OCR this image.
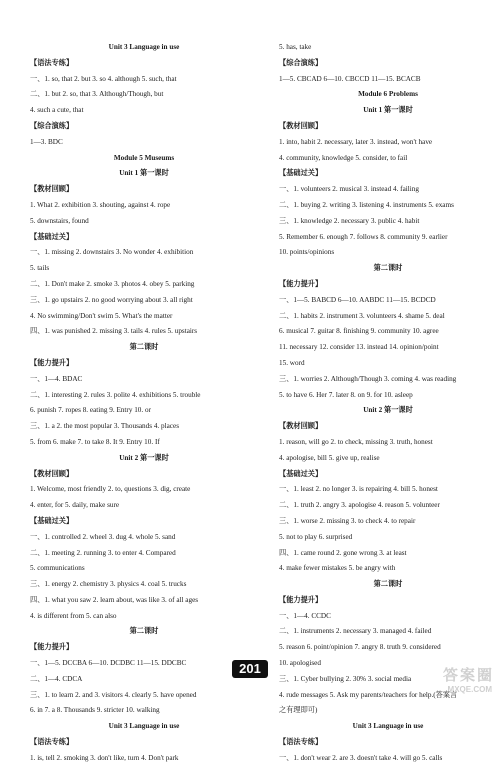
Unit 3 Language in use
【语法专练】
一、1. so, that 2. but 3. so 4. although 5. such, that
二、1. but 2. so, that 3. Although/Though, but
4. such a cute, that
【综合演练】
1—3. BDC
Module 5 Museums
Unit 1 第一课时
【教材回顾】
1. What 2. exhibition 3. shouting, against 4. rope
5. downstairs, found
【基础过关】
一、1. missing 2. downstairs 3. No wonder 4. exhibition
5. tails
二、1. Don't make 2. smoke 3. photos 4. obey 5. parking
三、1. go upstairs 2. no good worrying about 3. all right
4. No swimming/Don't swim 5. What's the matter
四、1. was punished 2. missing 3. tails 4. rules 5. upstairs
第二课时
【能力提升】
一、1—4. BDAC
二、1. interesting 2. rules 3. polite 4. exhibitions 5. trouble
6. punish 7. ropes 8. eating 9. Entry 10. or
三、1. a 2. the most popular 3. Thousands 4. places
5. from 6. make 7. to take 8. It 9. Entry 10. If
Unit 2 第一课时
【教材回顾】
1. Welcome, most friendly 2. to, questions 3. dig, create
4. enter, for 5. daily, make sure
【基础过关】
一、1. controlled 2. wheel 3. dug 4. whole 5. sand
二、1. meeting 2. running 3. to enter 4. Compared
5. communications
三、1. energy 2. chemistry 3. physics 4. coal 5. trucks
四、1. what you saw 2. learn about, was like 3. of all ages
4. is different from 5. can also
第二课时
【能力提升】
一、1—5. DCCBA 6—10. DCDBC 11—15. DDCBC
二、1—4. CDCA
三、1. to learn 2. and 3. visitors 4. clearly 5. have opened
6. in 7. a 8. Thousands 9. stricter 10. walking
Unit 3 Language in use
【语法专练】
1. is, tell 2. smoking 3. don't like, turn 4. Don't park
5. has, take
【综合演练】
1—5. CBCAD 6—10. CBCCD 11—15. BCACB
Module 6 Problems
Unit 1 第一课时
【教材回顾】
1. into, habit 2. necessary, later 3. instead, won't have
4. community, knowledge 5. consider, to fail
【基础过关】
一、1. volunteers 2. musical 3. instead 4. failing
二、1. buying 2. writing 3. listening 4. instruments 5. exams
三、1. knowledge 2. necessary 3. public 4. habit
5. Remember 6. enough 7. follows 8. community 9. earlier
10. points/opinions
第二课时
【能力提升】
一、1—5. BABCD 6—10. AABDC 11—15. BCDCD
二、1. habits 2. instrument 3. volunteers 4. shame 5. deal
6. musical 7. guitar 8. finishing 9. community 10. agree
11. necessary 12. consider 13. instead 14. opinion/point
15. word
三、1. worries 2. Although/Though 3. coming 4. was reading
5. to have 6. Her 7. later 8. on 9. for 10. asleep
Unit 2 第一课时
【教材回顾】
1. reason, will go 2. to check, missing 3. truth, honest
4. apologise, bill 5. give up, realise
【基础过关】
一、1. least 2. no longer 3. is repairing 4. bill 5. honest
二、1. truth 2. angry 3. apologise 4. reason 5. volunteer
三、1. worse 2. missing 3. to check 4. to repair
5. not to play 6. surprised
四、1. came round 2. gone wrong 3. at least
4. make fewer mistakes 5. be angry with
第二课时
【能力提升】
一、1—4. CCDC
二、1. instruments 2. necessary 3. managed 4. failed
5. reason 6. point/opinion 7. angry 8. truth 9. considered
10. apologised
三、1. Cyber bullying 2. 30% 3. social media
4. rude messages 5. Ask my parents/teachers for help.(答案言
之有理即可)
Unit 3 Language in use
【语法专练】
一、1. don't wear 2. are 3. doesn't take 4. will go 5. calls
201	答案圈
MXQE.COM
